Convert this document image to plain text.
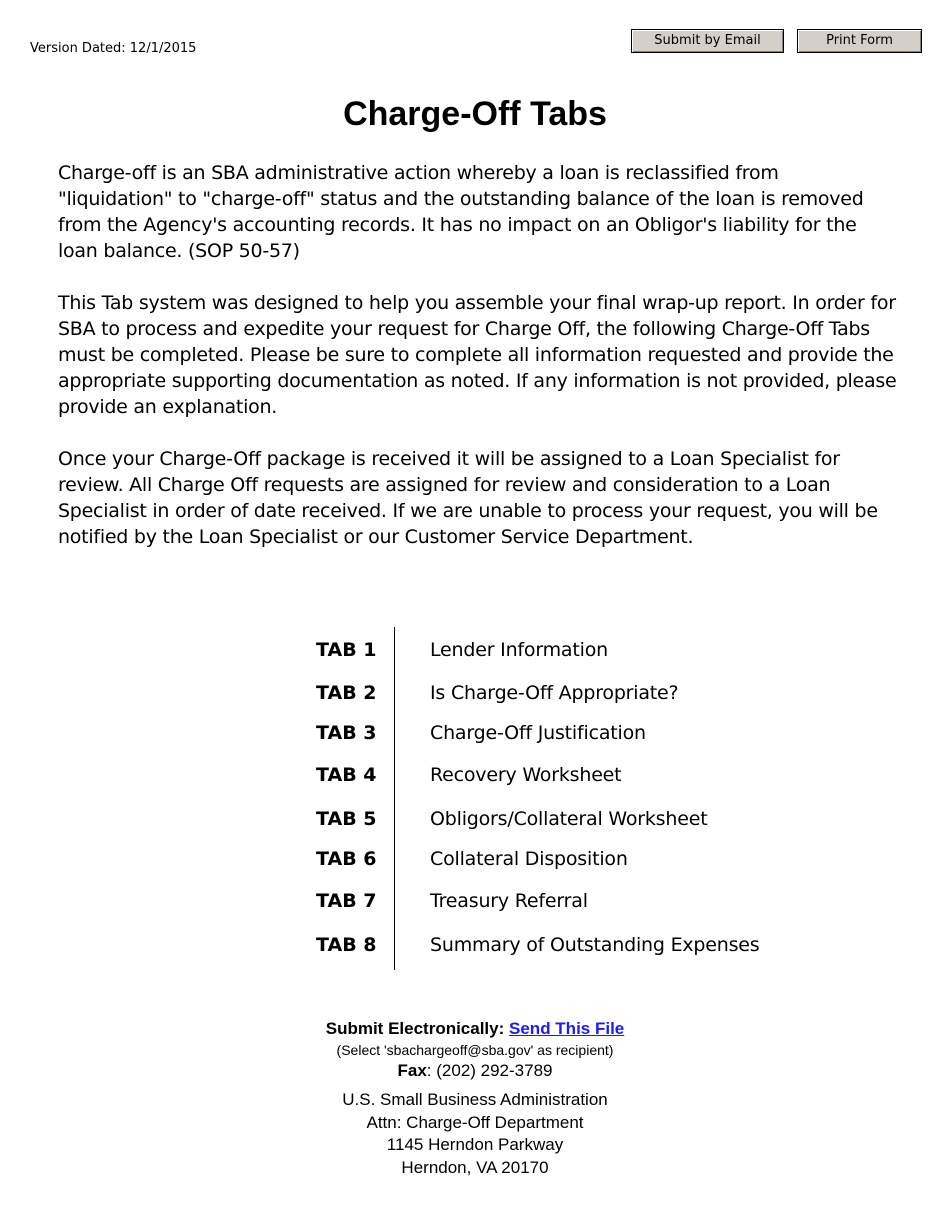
Version Dated: 12/1/2015
Submit by Email	Print Form
Charge-Off Tabs

Charge-off is an SBA administrative action whereby a loan is reclassified from "liquidation" to "charge-off" status and the outstanding balance of the loan is removed from the Agency's accounting records. It has no impact on an Obligor's liability for the loan balance. (SOP 50-57)

This Tab system was designed to help you assemble your final wrap-up report. In order for SBA to process and expedite your request for Charge Off, the following Charge-Off Tabs must be completed. Please be sure to complete all information requested and provide the appropriate supporting documentation as noted. If any information is not provided, please provide an explanation.

Once your Charge-Off package is received it will be assigned to a Loan Specialist for review. All Charge Off requests are assigned for review and consideration to a Loan Specialist in order of date received. If we are unable to process your request, you will be notified by the Loan Specialist or our Customer Service Department.

TAB 1	Lender Information
TAB 2	Is Charge-Off Appropriate?
TAB 3	Charge-Off Justification
TAB 4	Recovery Worksheet
TAB 5	Obligors/Collateral Worksheet
TAB 6	Collateral Disposition
TAB 7	Treasury Referral
TAB 8	Summary of Outstanding Expenses
Submit Electronically: Send This File
(Select 'sbachargeoff@sba.gov' as recipient)
Fax: (202) 292-3789
U.S. Small Business Administration
Attn: Charge-Off Department
1145 Herndon Parkway
Herndon, VA 20170
